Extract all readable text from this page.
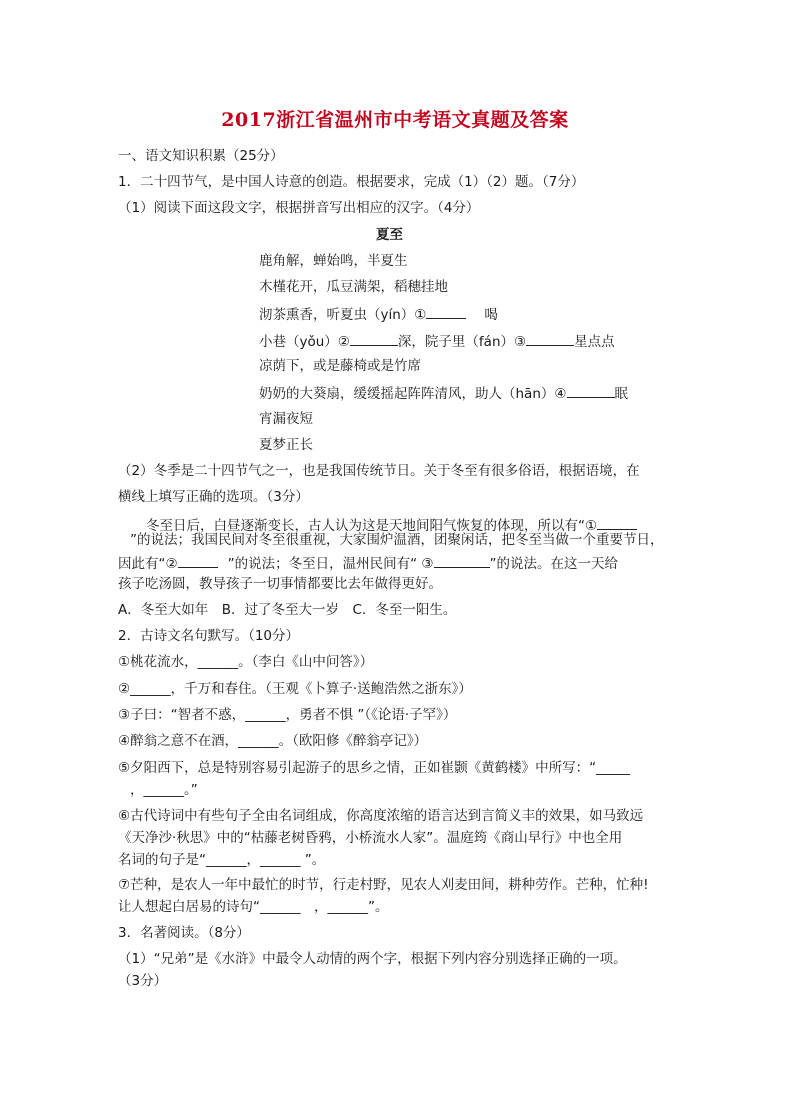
2017浙江省温州市中考语文真题及答案
一、语文知识积累（25分）
1．二十四节气，是中国人诗意的创造。根据要求，完成（1）（2）题。（7分）
（1）阅读下面这段文字，根据拼音写出相应的汉字。（4分）
夏至
鹿角解，蝉始鸣，半夏生
木槿花开，瓜豆满架，稻穗挂地
沏茶熏香，听夏虫（yín）①	喝
小巷（yǒu）②	深，院子里（fán）③	星点点
凉荫下，或是藤椅或是竹席
奶奶的大葵扇，缓缓摇起阵阵清风，助人（hān）④	眠
宵漏夜短
夏梦正长
（2）冬季是二十四节气之一，也是我国传统节日。关于冬至有很多俗语，根据语境，在
横线上填写正确的选项。（3分）
冬至日后，白昼逐渐变长，古人认为这是天地间阳气恢复的体现，所以有“①
”的说法；我国民间对冬至很重视，大家围炉温酒，团聚闲话，把冬至当做一个重要节日，
因此有“②	”的说法；冬至日，温州民间有“ ③	”的说法。在这一天给
孩子吃汤圆，教导孩子一切事情都要比去年做得更好。
A．冬至大如年　B．过了冬至大一岁　C．冬至一阳生。
2．古诗文名句默写。（10分）
①桃花流水，______。（李白《山中问答》）
②______，千万和春住。（王观《卜算子·送鲍浩然之浙东》）
③子曰：“智者不惑，______，勇者不惧 ”（《论语·子罕》）
④醉翁之意不在酒，______。（欧阳修《醉翁亭记》）
⑤夕阳西下，总是特别容易引起游子的思乡之情，正如崔颢《黄鹤楼》中所写：“_____
，______。”
⑥古代诗词中有些句子全由名词组成，你高度浓缩的语言达到言简义丰的效果，如马致远
《天净沙·秋思》中的“枯藤老树昏鸦，小桥流水人家”。温庭筠《商山早行》中也全用
名词的句子是“______，______ ”。
⑦芒种，是农人一年中最忙的时节，行走村野，见农人刈麦田间，耕种劳作。芒种，忙种!
让人想起白居易的诗句“______　，______”。
3．名著阅读。（8分）
（1）“兄弟”是《水浒》中最令人动情的两个字，根据下列内容分别选择正确的一项。
（3分）
